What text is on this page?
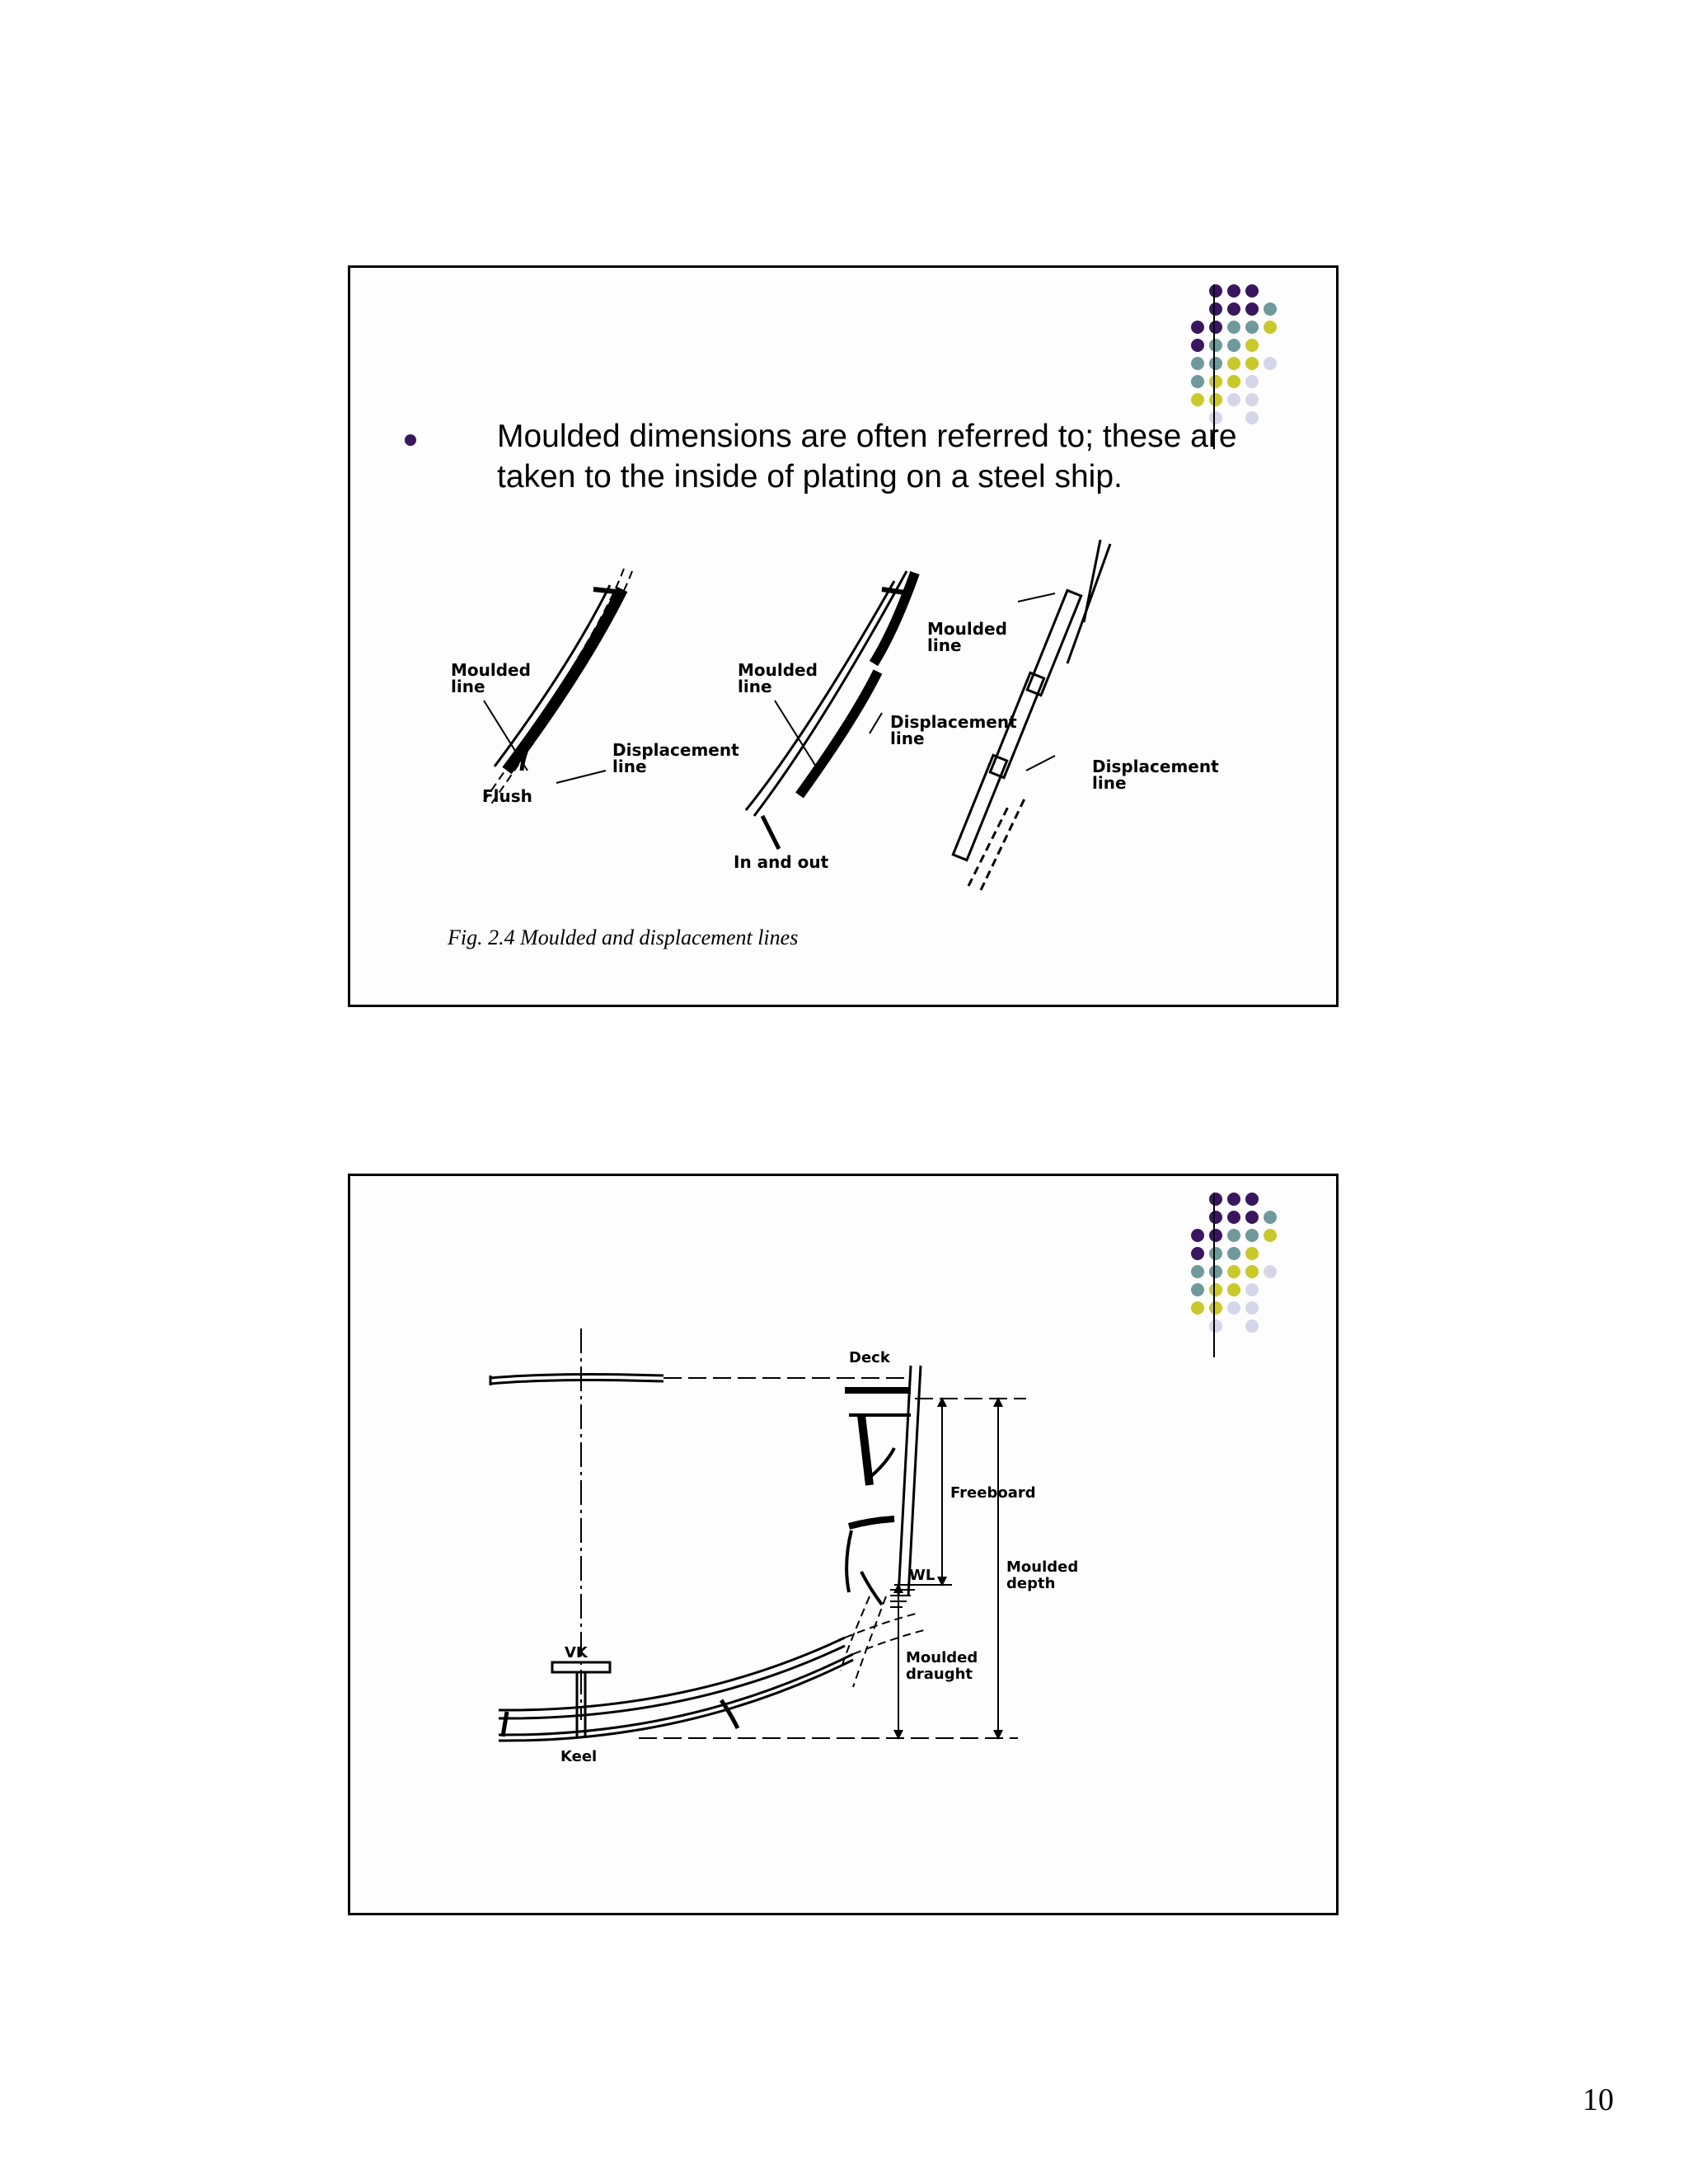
Moulded dimensions are often referred to; these are taken to the inside of plating on a steel ship.
Moulded
line
Displacement
line
Flush
Moulded
line
Displacement
line
In and out
Moulded
line
Displacement
line
Fig. 2.4 Moulded and displacement lines
Deck
Freeboard
WL	Moulded
depth
VK	Moulded
draught
Keel
10
